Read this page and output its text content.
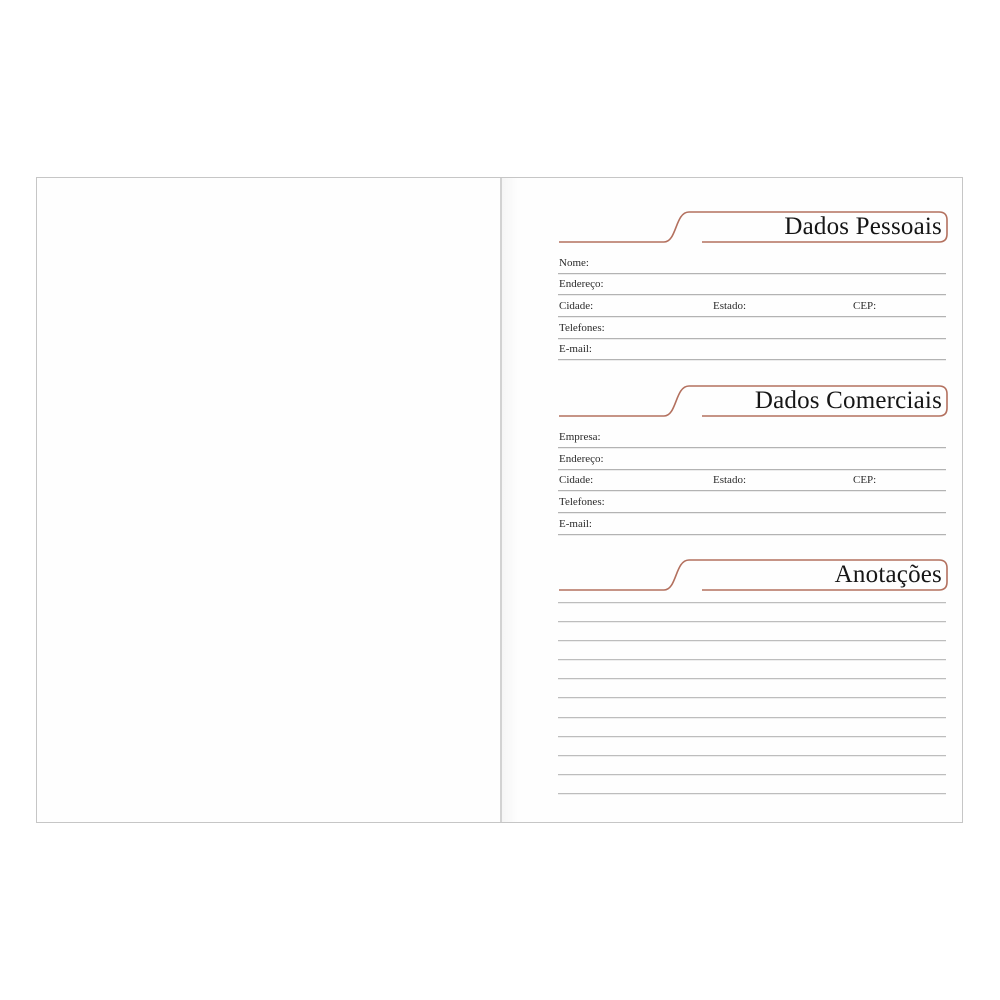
Dados Pessoais
Nome:
Endereço:
Cidade:	Estado:	CEP:
Telefones:
E-mail:
Dados Comerciais
Empresa:
Endereço:
Cidade:	Estado:	CEP:
Telefones:
E-mail:
Anotações
